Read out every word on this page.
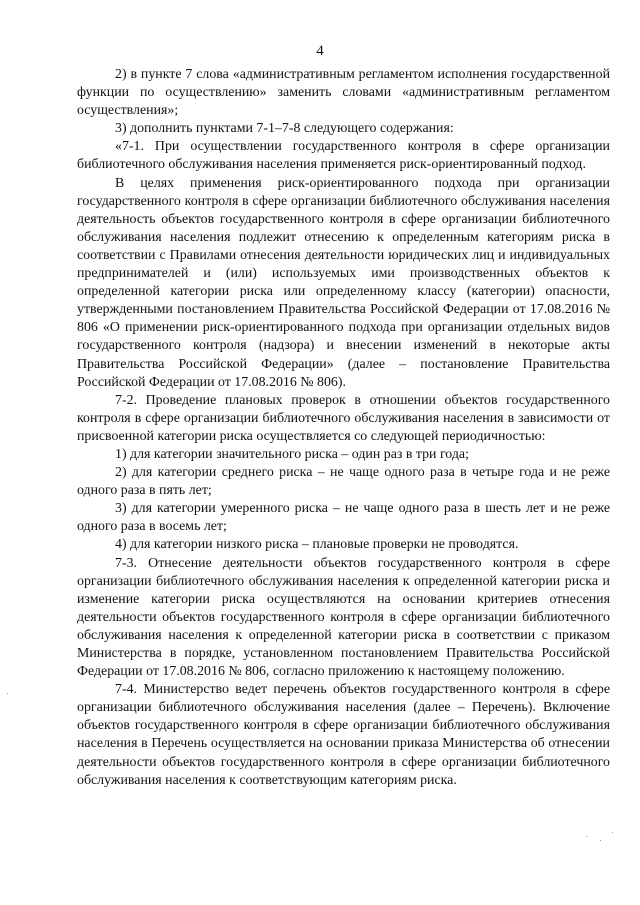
4

2) в пункте 7 слова «административным регламентом исполнения государственной функции по осуществлению» заменить словами «административным регламентом осуществления»;

3) дополнить пунктами 7-1–7-8 следующего содержания:

«7-1. При осуществлении государственного контроля в сфере организации библиотечного обслуживания населения применяется риск-ориентированный подход.

В целях применения риск-ориентированного подхода при организации государственного контроля в сфере организации библиотечного обслуживания населения деятельность объектов государственного контроля в сфере организации библиотечного обслуживания населения подлежит отнесению к определенным категориям риска в соответствии с Правилами отнесения деятельности юридических лиц и индивидуальных предпринимателей и (или) используемых ими производственных объектов к определенной категории риска или определенному классу (категории) опасности, утвержденными постановлением Правительства Российской Федерации от 17.08.2016 № 806 «О применении риск-ориентированного подхода при организации отдельных видов государственного контроля (надзора) и внесении изменений в некоторые акты Правительства Российской Федерации» (далее – постановление Правительства Российской Федерации от 17.08.2016 № 806).

7-2. Проведение плановых проверок в отношении объектов государственного контроля в сфере организации библиотечного обслуживания населения в зависимости от присвоенной категории риска осуществляется со следующей периодичностью:

1) для категории значительного риска – один раз в три года;

2) для категории среднего риска – не чаще одного раза в четыре года и не реже одного раза в пять лет;

3) для категории умеренного риска – не чаще одного раза в шесть лет и не реже одного раза в восемь лет;

4) для категории низкого риска – плановые проверки не проводятся.

7-3. Отнесение деятельности объектов государственного контроля в сфере организации библиотечного обслуживания населения к определенной категории риска и изменение категории риска осуществляются на основании критериев отнесения деятельности объектов государственного контроля в сфере организации библиотечного обслуживания населения к определенной категории риска в соответствии с приказом Министерства в порядке, установленном постановлением Правительства Российской Федерации от 17.08.2016 № 806, согласно приложению к настоящему положению.

7-4. Министерство ведет перечень объектов государственного контроля в сфере организации библиотечного обслуживания населения (далее – Перечень). Включение объектов государственного контроля в сфере организации библиотечного обслуживания населения в Перечень осуществляется на основании приказа Министерства об отнесении деятельности объектов государственного контроля в сфере организации библиотечного обслуживания населения к соответствующим категориям риска.
